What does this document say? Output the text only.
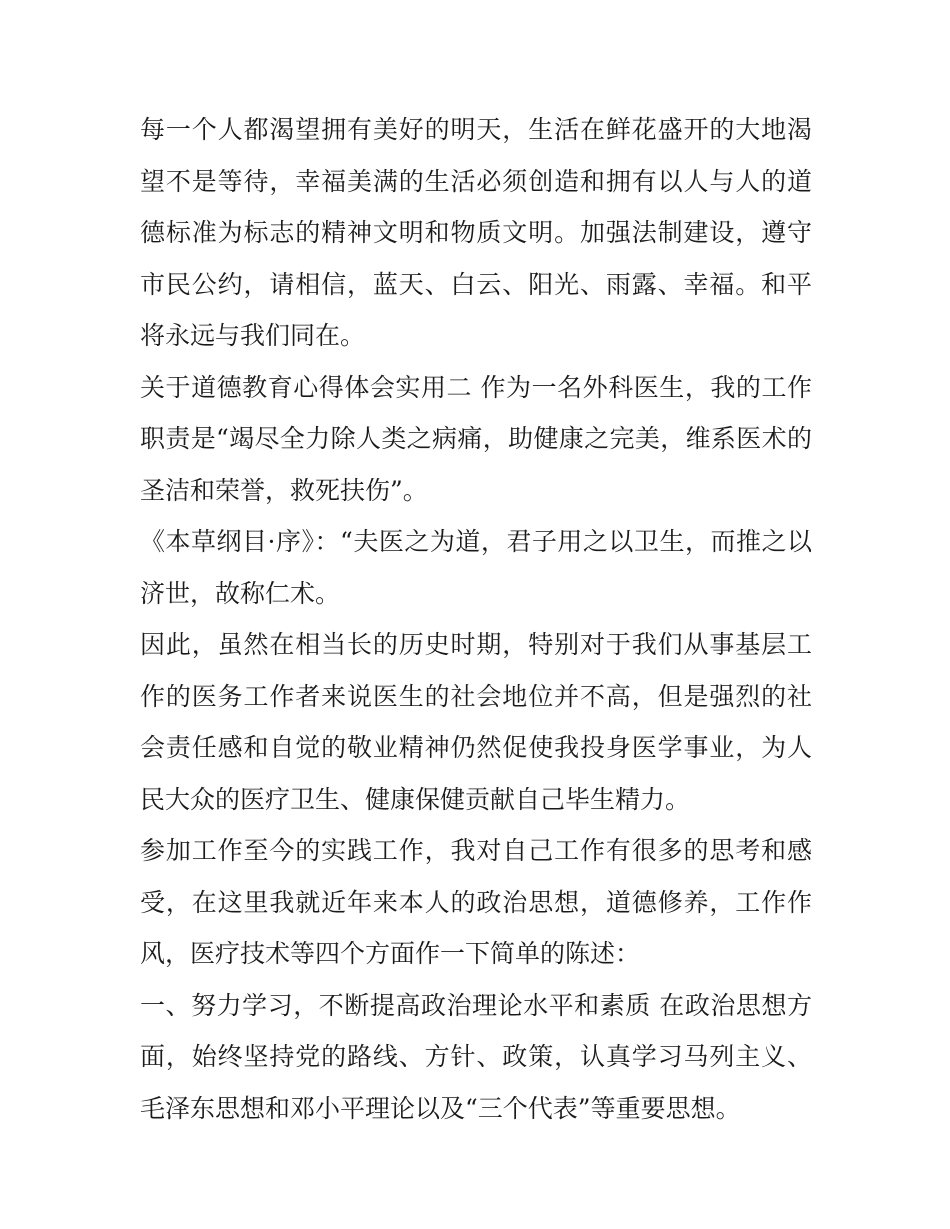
每一个人都渴望拥有美好的明天，生活在鲜花盛开的大地渴望不是等待，幸福美满的生活必须创造和拥有以人与人的道德标准为标志的精神文明和物质文明。加强法制建设，遵守市民公约，请相信，蓝天、白云、阳光、雨露、幸福。和平将永远与我们同在。

关于道德教育心得体会实用二 作为一名外科医生，我的工作职责是“竭尽全力除人类之病痛，助健康之完美，维系医术的圣洁和荣誉，救死扶伤”。

《本草纲目·序》：“夫医之为道，君子用之以卫生，而推之以济世，故称仁术。

因此，虽然在相当长的历史时期，特别对于我们从事基层工作的医务工作者来说医生的社会地位并不高，但是强烈的社会责任感和自觉的敬业精神仍然促使我投身医学事业，为人民大众的医疗卫生、健康保健贡献自己毕生精力。

参加工作至今的实践工作，我对自己工作有很多的思考和感受，在这里我就近年来本人的政治思想，道德修养，工作作风，医疗技术等四个方面作一下简单的陈述：

一、努力学习，不断提高政治理论水平和素质 在政治思想方面，始终坚持党的路线、方针、政策，认真学习马列主义、毛泽东思想和邓小平理论以及“三个代表”等重要思想。
